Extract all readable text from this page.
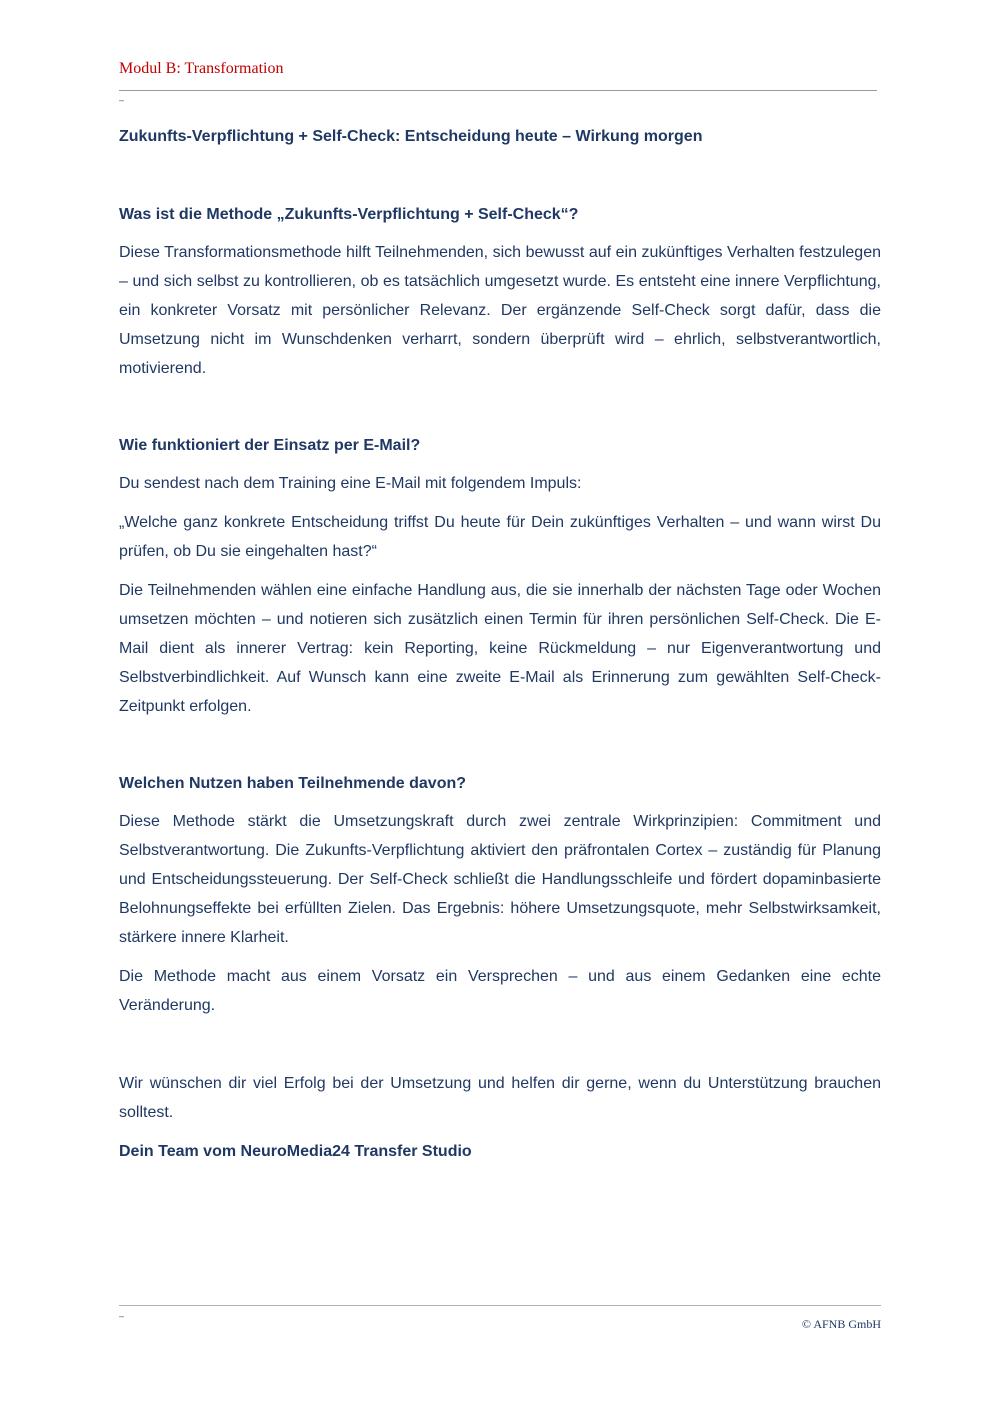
Modul B: Transformation
–

Zukunfts-Verpflichtung + Self-Check: Entscheidung heute – Wirkung morgen

Was ist die Methode „Zukunfts-Verpflichtung + Self-Check“?

Diese Transformationsmethode hilft Teilnehmenden, sich bewusst auf ein zukünftiges Verhalten festzulegen – und sich selbst zu kontrollieren, ob es tatsächlich umgesetzt wurde. Es entsteht eine innere Verpflichtung, ein konkreter Vorsatz mit persönlicher Relevanz. Der ergänzende Self-Check sorgt dafür, dass die Umsetzung nicht im Wunschdenken verharrt, sondern überprüft wird – ehrlich, selbstverantwortlich, motivierend.

Wie funktioniert der Einsatz per E-Mail?

Du sendest nach dem Training eine E-Mail mit folgendem Impuls:

„Welche ganz konkrete Entscheidung triffst Du heute für Dein zukünftiges Verhalten – und wann wirst Du prüfen, ob Du sie eingehalten hast?“

Die Teilnehmenden wählen eine einfache Handlung aus, die sie innerhalb der nächsten Tage oder Wochen umsetzen möchten – und notieren sich zusätzlich einen Termin für ihren persönlichen Self-Check. Die E-Mail dient als innerer Vertrag: kein Reporting, keine Rückmeldung – nur Eigenverantwortung und Selbstverbindlichkeit. Auf Wunsch kann eine zweite E-Mail als Erinnerung zum gewählten Self-Check-Zeitpunkt erfolgen.

Welchen Nutzen haben Teilnehmende davon?

Diese Methode stärkt die Umsetzungskraft durch zwei zentrale Wirkprinzipien: Commitment und Selbstverantwortung. Die Zukunfts-Verpflichtung aktiviert den präfrontalen Cortex – zuständig für Planung und Entscheidungssteuerung. Der Self-Check schließt die Handlungsschleife und fördert dopaminbasierte Belohnungseffekte bei erfüllten Zielen. Das Ergebnis: höhere Umsetzungsquote, mehr Selbstwirksamkeit, stärkere innere Klarheit.

Die Methode macht aus einem Vorsatz ein Versprechen – und aus einem Gedanken eine echte Veränderung.

Wir wünschen dir viel Erfolg bei der Umsetzung und helfen dir gerne, wenn du Unterstützung brauchen solltest.

Dein Team vom NeuroMedia24 Transfer Studio

–
© AFNB GmbH
